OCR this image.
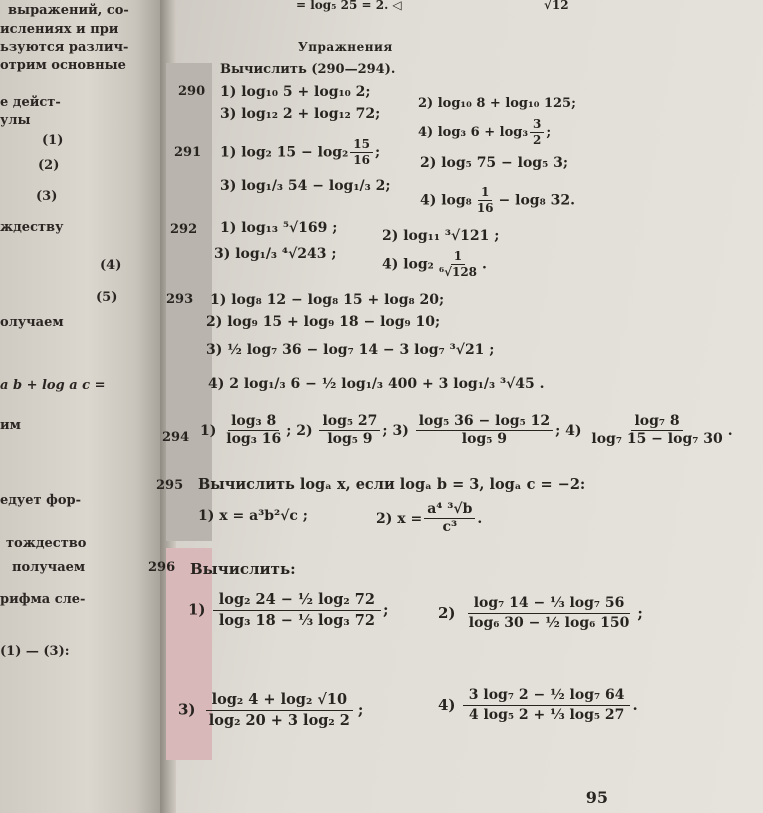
выражений, со-
ислениях и при
ьзуются различ-
отрим основные
е дейст-
улы
(1)
(2)
(3)
ждеству
(4)
(5)
олучаем
a b + log a c =
им
едует фор-
тождество
получаем
рифма сле-
(1) — (3):
= log₅ 25 = 2. ◁	√12
Упражнения
Вычислить (290—294).
290 1) log₁₀ 5 + log₁₀ 2;
2) log₁₀ 8 + log₁₀ 125;
3) log₁₂ 2 + log₁₂ 72;
4) log₃ $6 + \log_3 \frac{3}{2}$ ;
291 1) log₂ $15 - \log_2 \frac{15}{16}$ ;
2) log₅ 75 − log₅ 3;
3) log₁/₃ 54 − log₁/₃ 2;
4) $\log_8 \frac{1}{16} - \log_8$ 32.
292 1) log₁₃ ⁵√169 ;	2) log₁₁ ³√121 ;
3) log₁/₃ ⁴√243 ;
4) $\log_2 \frac{1}{\text{⁶√128}}$ .
293 1) log₈ 12 − log₈ 15 + log₈ 20;
2) log₉ 15 + log₉ 18 − log₉ 10;
3) ½ log₇ 36 − log₇ 14 − 3 log₇ ³√21 ;
4) 2 log₁/₃ 6 − ½ log₁/₃ 400 + 3 log₁/₃ ³√45 .
294 $1) \frac{\text{log₃ 8}}{\text{log₃ 16}}$ ; $2) \frac{\text{log₅ 27}}{\text{log₅ 9}}$ ; $3) \frac{\text{log₅ 36 − log₅ 12}}{\text{log₅ 9}}$ ; $4) \frac{\text{log₇ 8}}{\text{log₇ 15 − log₇ 30}}$ .
295 Вычислить logₐ x, если logₐ b = 3, logₐ c = −2:
1) x = a³b²√c ;	2) $x = \frac{\text{a⁴ ³√b}}{\text{c³}}$ .
296 Вычислить:
$1) \frac{\text{log₂ 24 − ½ log₂ 72}}{\text{log₃ 18 − ⅓ log₃ 72}}$ ;	$2) \frac{\text{log₇ 14 − ⅓ log₇ 56}}{\text{log₆ 30 − ½ log₆ 150}}$ ;
$3) \frac{\text{log₂ 4 + log₂ √10}}{\text{log₂ 20 + 3 log₂ 2}}$ ;	$4) \frac{\text{3 log₇ 2 − ½ log₇ 64}}{\text{4 log₅ 2 + ⅓ log₅ 27}}$ .
95
